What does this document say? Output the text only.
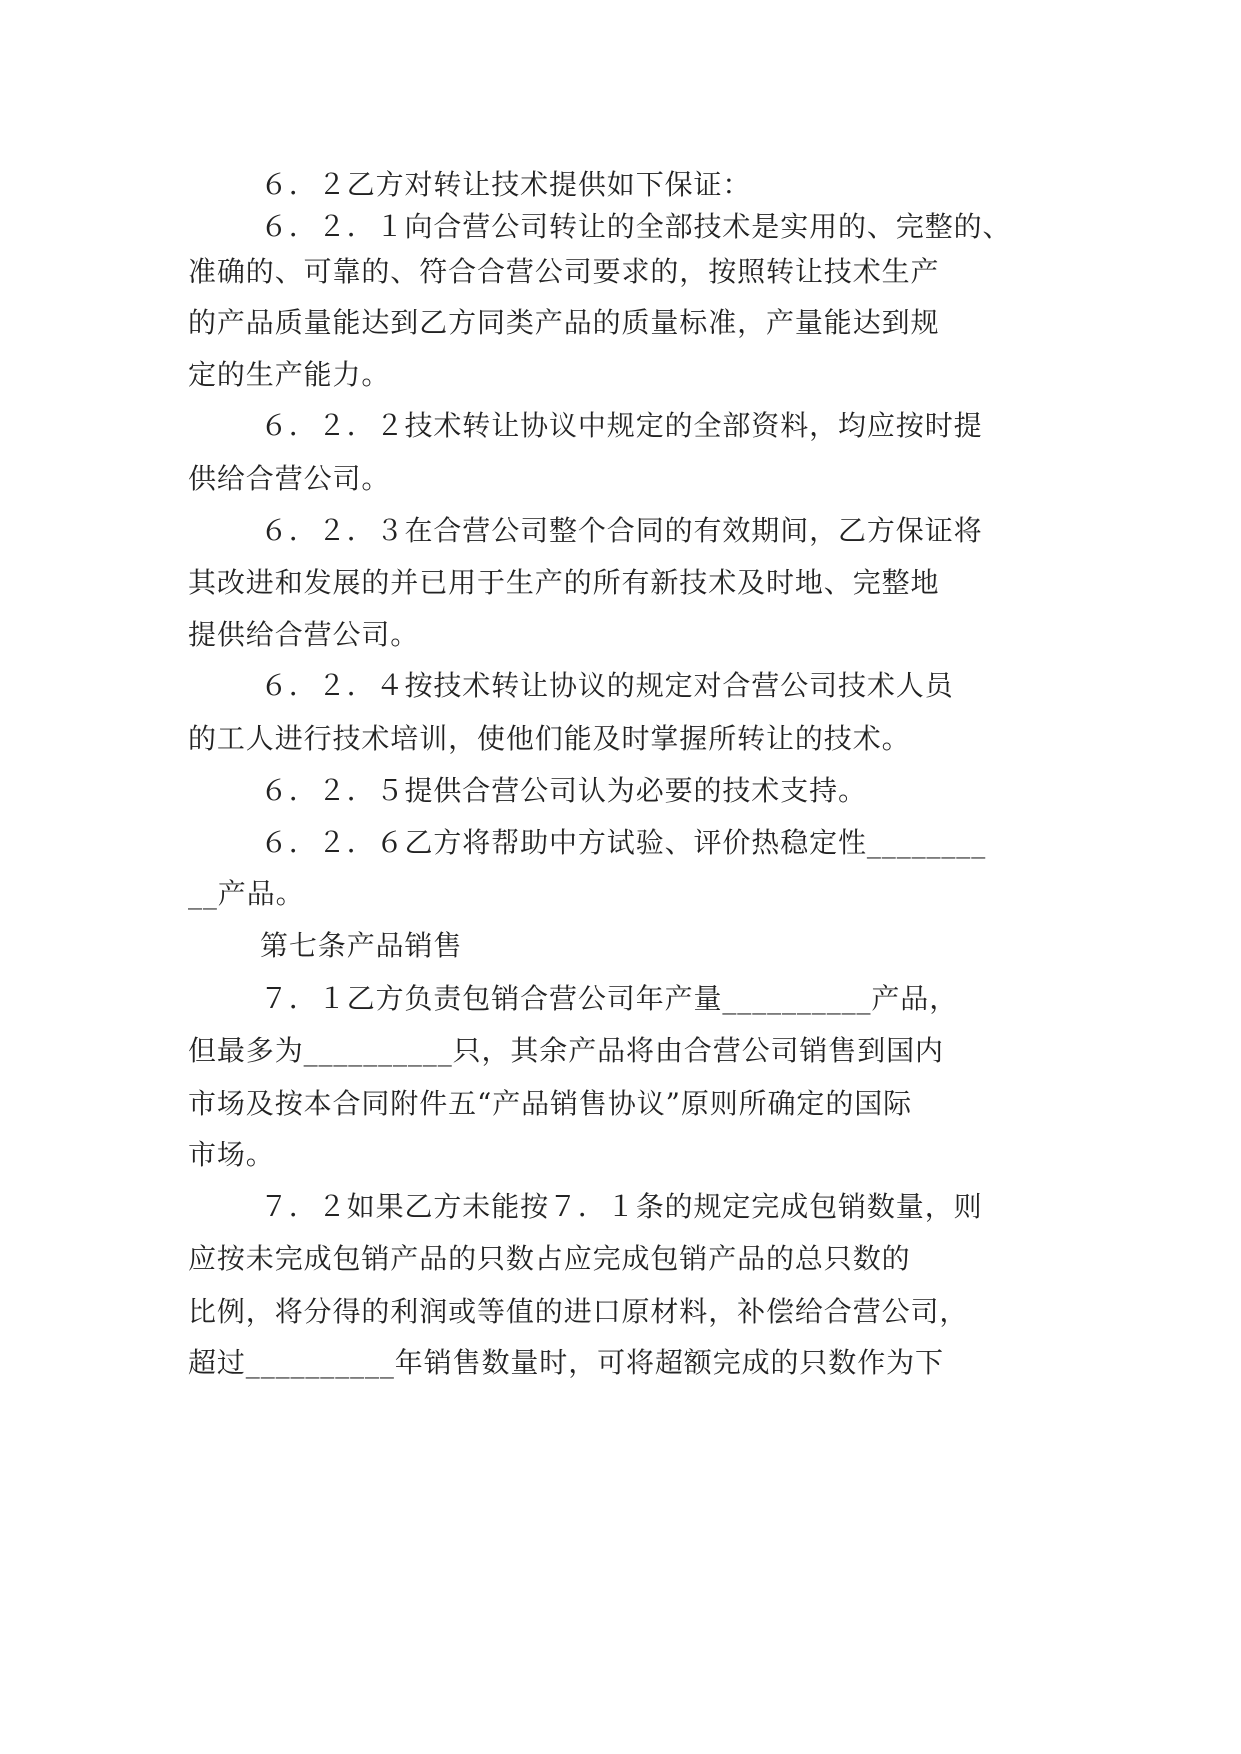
６．２乙方对转让技术提供如下保证：
６．２．１向合营公司转让的全部技术是实用的、完整的、
准确的、可靠的、符合合营公司要求的，按照转让技术生产
的产品质量能达到乙方同类产品的质量标准，产量能达到规
定的生产能力。
６．２．２技术转让协议中规定的全部资料，均应按时提
供给合营公司。
６．２．３在合营公司整个合同的有效期间，乙方保证将
其改进和发展的并已用于生产的所有新技术及时地、完整地
提供给合营公司。
６．２．４按技术转让协议的规定对合营公司技术人员
的工人进行技术培训，使他们能及时掌握所转让的技术。
６．２．５提供合营公司认为必要的技术支持。
６．２．６乙方将帮助中方试验、评价热稳定性________
__产品。
第七条产品销售
７．１乙方负责包销合营公司年产量__________产品，
但最多为__________只，其余产品将由合营公司销售到国内
市场及按本合同附件五“产品销售协议”原则所确定的国际
市场。
７．２如果乙方未能按７．１条的规定完成包销数量，则
应按未完成包销产品的只数占应完成包销产品的总只数的
比例，将分得的利润或等值的进口原材料，补偿给合营公司，
超过__________年销售数量时，可将超额完成的只数作为下
